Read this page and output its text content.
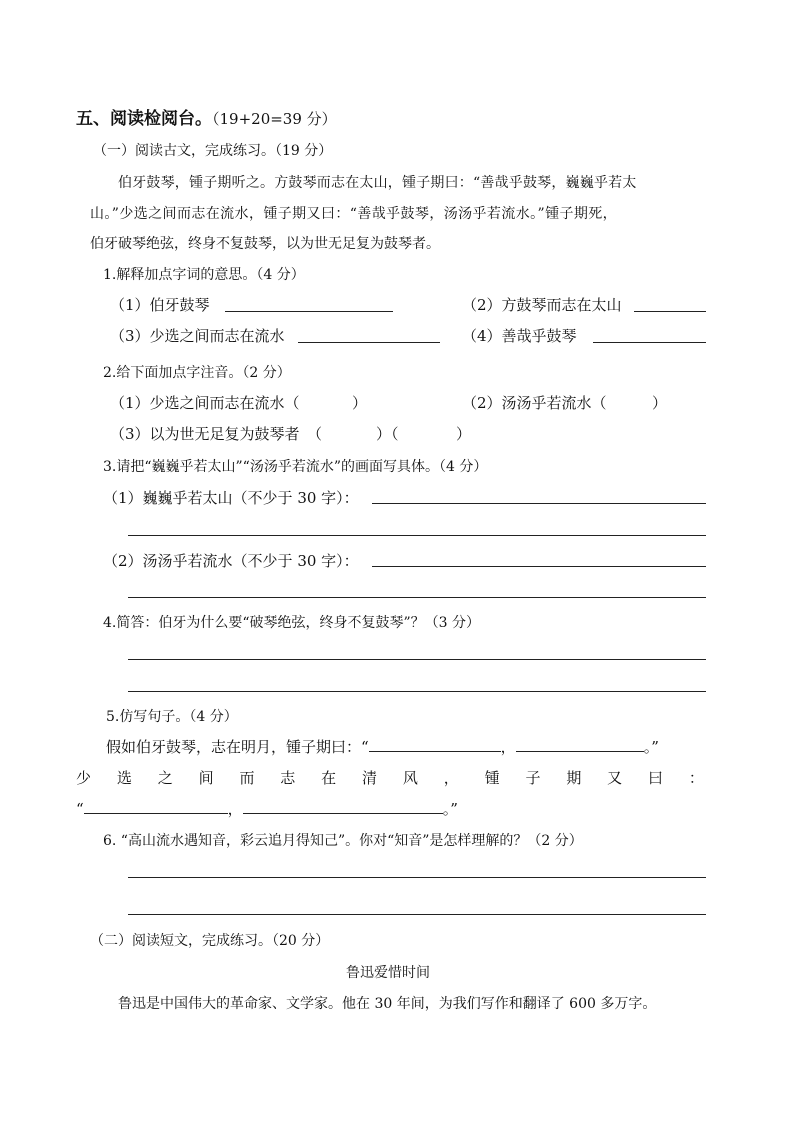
五、阅读检阅台。（19+20=39 分）
（一）阅读古文，完成练习。（19 分）
伯牙鼓琴，锺子期听之。方鼓琴而志在太山，锺子期曰：“善哉乎鼓琴，巍巍乎若太
山。”少选之间而志在流水，锺子期又曰：“善哉乎鼓琴，汤汤乎若流水。”锺子期死，
伯牙破琴绝弦，终身不复鼓琴，以为世无足复为鼓琴者。
1.解释加点字词的意思。（4 分）
（1）伯牙鼓琴	（2）方鼓琴而志在太山
（3）少选之间而志在流水	（4）善哉乎鼓琴
2.给下面加点字注音。（2 分）
（1）少选之间而志在流水（	）	（2）汤汤乎若流水（	）
（3）以为世无足复为鼓琴者　（	）（	）
3.请把“巍巍乎若太山”“汤汤乎若流水”的画面写具体。（4 分）
（1）巍巍乎若太山（不少于 30 字）：
（2）汤汤乎若流水（不少于 30 字）：
4.简答：伯牙为什么要“破琴绝弦，终身不复鼓琴”？（3 分）
5.仿写句子。（4 分）
假如伯牙鼓琴，志在明月，锺子期曰：“	，	。”
少 选 之 间 而 志 在 清 风 ， 锺 子 期 又 曰 ：
“	，	。”
6. “高山流水遇知音，彩云追月得知己”。你对“知音”是怎样理解的？（2 分）
（二）阅读短文，完成练习。（20 分）
鲁迅爱惜时间
鲁迅是中国伟大的革命家、文学家。他在 30 年间，为我们写作和翻译了 600 多万字。
